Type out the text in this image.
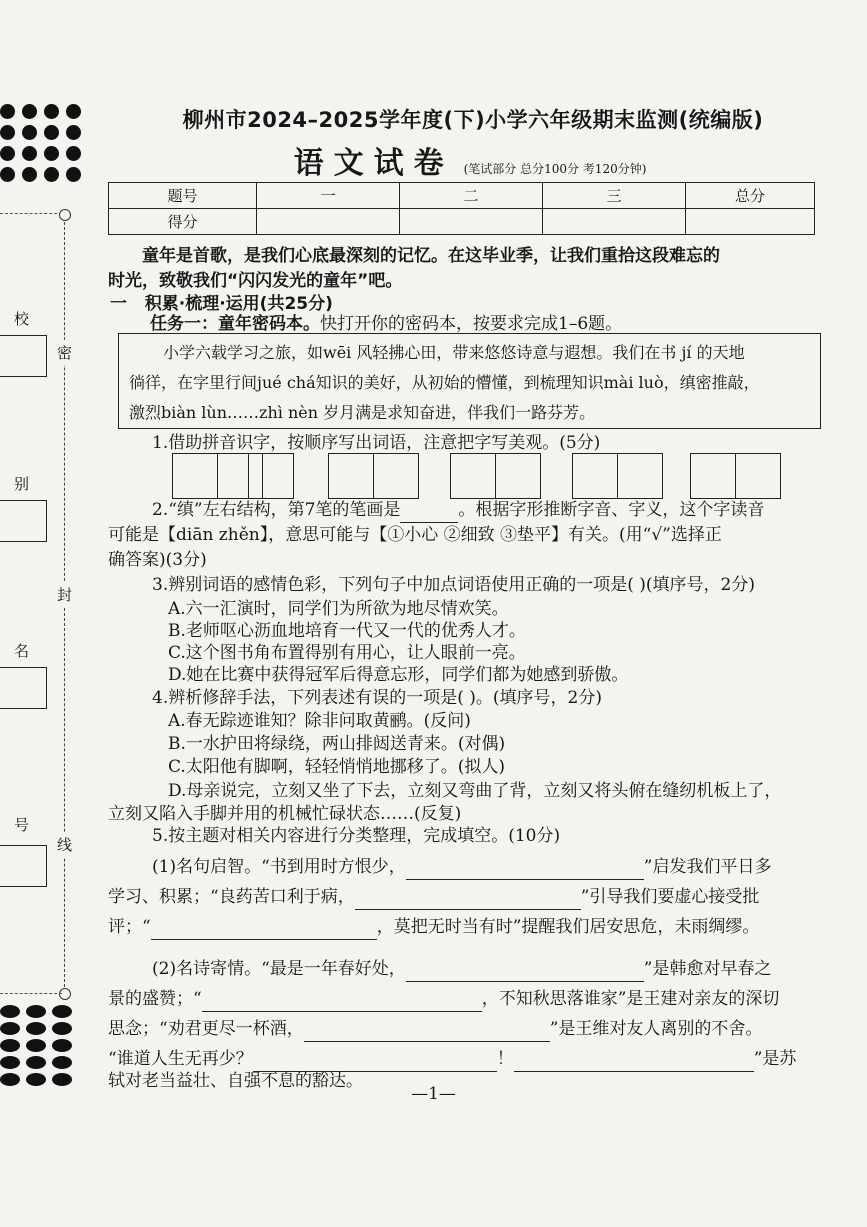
密
封
线
校
别
名
号
柳州市2024–2025学年度(下)小学六年级期末监测(统编版)
语文试卷 (笔试部分 总分100分 考120分钟)
题号	一	二	三	总分
得分				
童年是首歌，是我们心底最深刻的记忆。在这毕业季，让我们重拾这段难忘的
时光，致敬我们“闪闪发光的童年”吧。
一 积累·梳理·运用(共25分)
任务一：童年密码本。快打开你的密码本，按要求完成1–6题。
小学六载学习之旅，如wēi 风轻拂心田，带来悠悠诗意与遐想。我们在书 jí 的天地
徜徉，在字里行间jué chá知识的美好，从初始的懵懂，到梳理知识mài luò，缜密推敲，
激烈biàn lùn……zhì nèn 岁月满是求知奋进，伴我们一路芬芳。
1.借助拼音识字，按顺序写出词语，注意把字写美观。(5分)
2.“缜”左右结构，第7笔的笔画是	。根据字形推断字音、字义，这个字读音
可能是【diān zhěn】，意思可能与【①小心 ②细致 ③垫平】有关。(用“√”选择正
确答案)(3分)
3.辨别词语的感情色彩，下列句子中加点词语使用正确的一项是( )(填序号，2分)
A.六一汇演时，同学们为所欲为地尽情欢笑。
B.老师呕心沥血地培育一代又一代的优秀人才。
C.这个图书角布置得别有用心，让人眼前一亮。
D.她在比赛中获得冠军后得意忘形，同学们都为她感到骄傲。
4.辨析修辞手法，下列表述有误的一项是( )。(填序号，2分)
A.春无踪迹谁知？除非问取黄鹂。(反问)
B.一水护田将绿绕，两山排闼送青来。(对偶)
C.太阳他有脚啊，轻轻悄悄地挪移了。(拟人)
D.母亲说完，立刻又坐了下去，立刻又弯曲了背，立刻又将头俯在缝纫机板上了，
立刻又陷入手脚并用的机械忙碌状态……(反复)
5.按主题对相关内容进行分类整理，完成填空。(10分)
(1)名句启智。“书到用时方恨少，	”启发我们平日多
学习、积累；“良药苦口利于病，	”引导我们要虚心接受批
评；“	，莫把无时当有时”提醒我们居安思危，未雨绸缪。
(2)名诗寄情。“最是一年春好处，	”是韩愈对早春之
景的盛赞；“	，不知秋思落谁家”是王建对亲友的深切
思念；“劝君更尽一杯酒，	”是王维对友人离别的不舍。
“谁道人生无再少？	！	”是苏
轼对老当益壮、自强不息的豁达。
—1—
